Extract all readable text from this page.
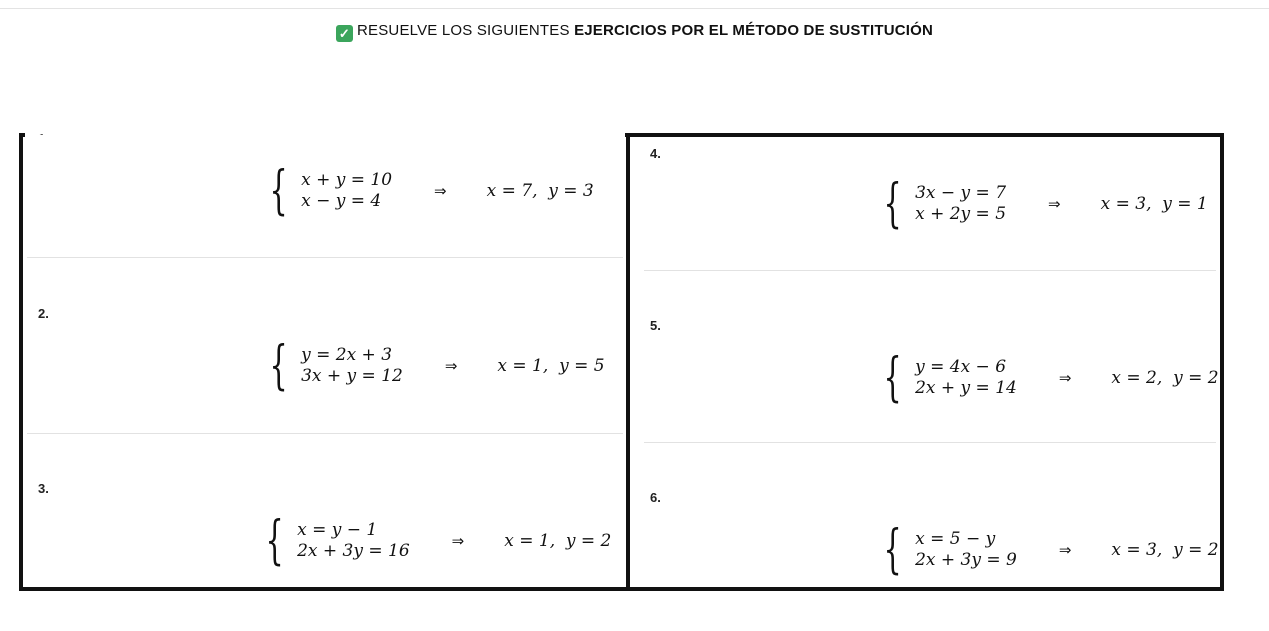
✓ RESUELVE LOS SIGUIENTES EJERCICIOS POR EL MÉTODO DE SUSTITUCIÓN
{ x + y = 10
x − y = 4	⇒ x = 7,  y = 3
2.
{ y = 2x + 3
3x + y = 12	⇒ x = 1,  y = 5
3.
{ x = y − 1
2x + 3y = 16	⇒ x = 1,  y = 2
4.
{ 3x − y = 7
x + 2y = 5	⇒ x = 3,  y = 1
5.
{ y = 4x − 6
2x + y = 14	⇒ x = 2,  y = 2
6.
{ x = 5 − y
2x + 3y = 9	⇒ x = 3,  y = 2
